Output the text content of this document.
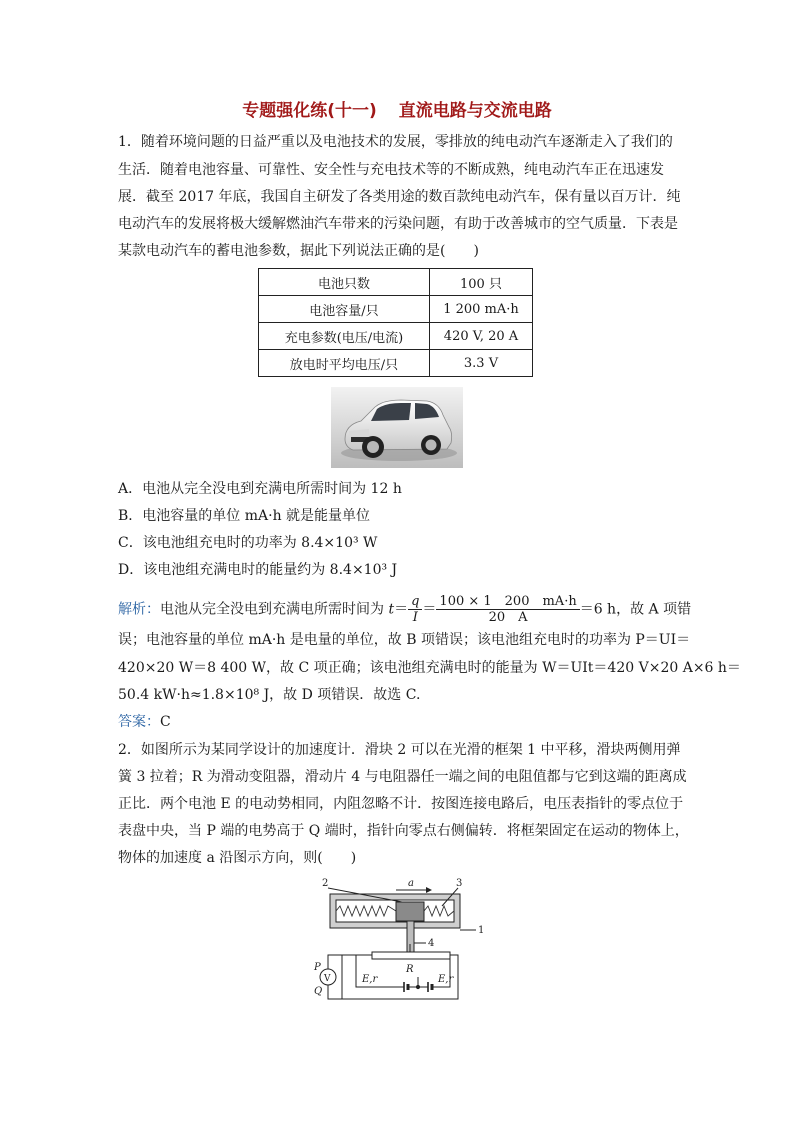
专题强化练(十一) 直流电路与交流电路
1．随着环境问题的日益严重以及电池技术的发展，零排放的纯电动汽车逐渐走入了我们的
生活．随着电池容量、可靠性、安全性与充电技术等的不断成熟，纯电动汽车正在迅速发
展．截至 2017 年底，我国自主研发了各类用途的数百款纯电动汽车，保有量以百万计．纯
电动汽车的发展将极大缓解燃油汽车带来的污染问题，有助于改善城市的空气质量．下表是
某款电动汽车的蓄电池参数，据此下列说法正确的是(　　)
电池只数	100 只
电池容量/只	1 200 mA·h
充电参数(电压/电流)	420 V, 20 A
放电时平均电压/只	3.3 V
A．电池从完全没电到充满电所需时间为 12 h
B．电池容量的单位 mA·h 就是能量单位
C．该电池组充电时的功率为 8.4×10³ W
D．该电池组充满电时的能量约为 8.4×10³ J
解析：电池从完全没电到充满电所需时间为 $t= \frac{q}{I} = \frac{100 \times 1 200 mA\cdot h}{20 A} =6$ h，故 A 项错
误；电池容量的单位 mA·h 是电量的单位，故 B 项错误；该电池组充电时的功率为 P＝UI＝
420×20 W＝8 400 W，故 C 项正确；该电池组充满电时的能量为 W＝UIt＝420 V×20 A×6 h＝
50.4 kW·h≈1.8×10⁸ J，故 D 项错误．故选 C.
答案：C
2．如图所示为某同学设计的加速度计．滑块 2 可以在光滑的框架 1 中平移，滑块两侧用弹
簧 3 拉着；R 为滑动变阻器，滑动片 4 与电阻器任一端之间的电阻值都与它到这端的距离成
正比．两个电池 E 的电动势相同，内阻忽略不计．按图连接电路后，电压表指针的零点位于
表盘中央，当 P 端的电势高于 Q 端时，指针向零点右侧偏转．将框架固定在运动的物体上，
物体的加速度 a 沿图示方向，则(　　)
2	a	3
1
4
P
V
Q
R
E,r	E,r
